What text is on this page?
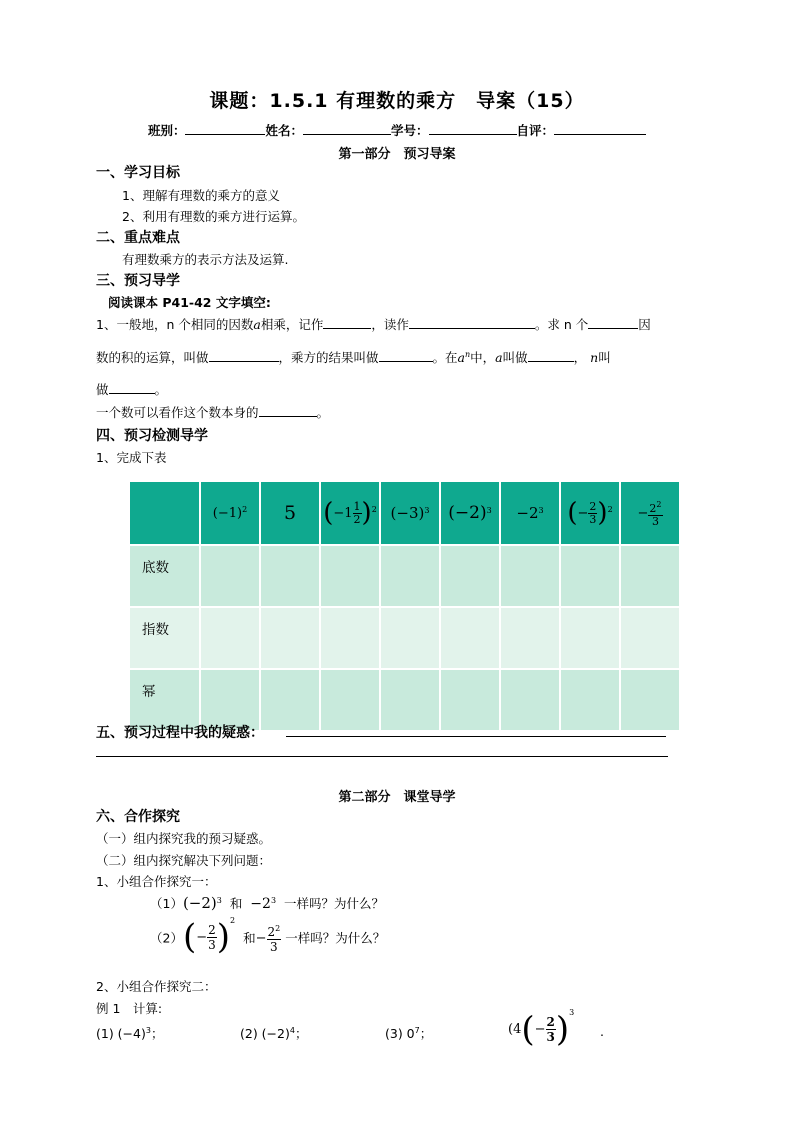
课题：1.5.1 有理数的乘方　导案（15）
班别：	姓名：	学号：	自评：
第一部分　预习导案
一、学习目标
1、理解有理数的乘方的意义
2、利用有理数的乘方进行运算。
二、重点难点
有理数乘方的表示方法及运算.
三、预习导学
阅读课本 P41-42 文字填空:
1、一般地，n 个相同的因数a相乘，记作	，读作	。求 n 个	因
数的积的运算，叫做	，乘方的结果叫做	。在$a^n$中，a叫做	， n叫
做	。
一个数可以看作这个数本身的	。
四、预习检测导学
1、完成下表
	$(-1)^2$	5	$(-1 \frac{1}{2} )^2$	$(-3)^3$	$(-2)^3$	$-2^3$	(− $\frac{2}{3} )^2$	− $\frac{2^2}{3}$

底数								
指数								
幂								
五、预习过程中我的疑惑：
第二部分　课堂导学
六、合作探究
（一）组内探究我的预习疑惑。
（二）组内探究解决下列问题：
1、小组合作探究一：
$(1)(-2)^3$ 和 $-2^3$ 一样吗？为什么？
$(2)(- \frac{2}{3} )^2$  和− $\frac{2^2}{3}$ 一样吗？为什么？
2、小组合作探究二：
例 1　计算:
(1) $(-4)^3$；	(2) $(-2)^4$；	(3) $0^7$；	($4(- \frac{2}{3} )^3$
.
